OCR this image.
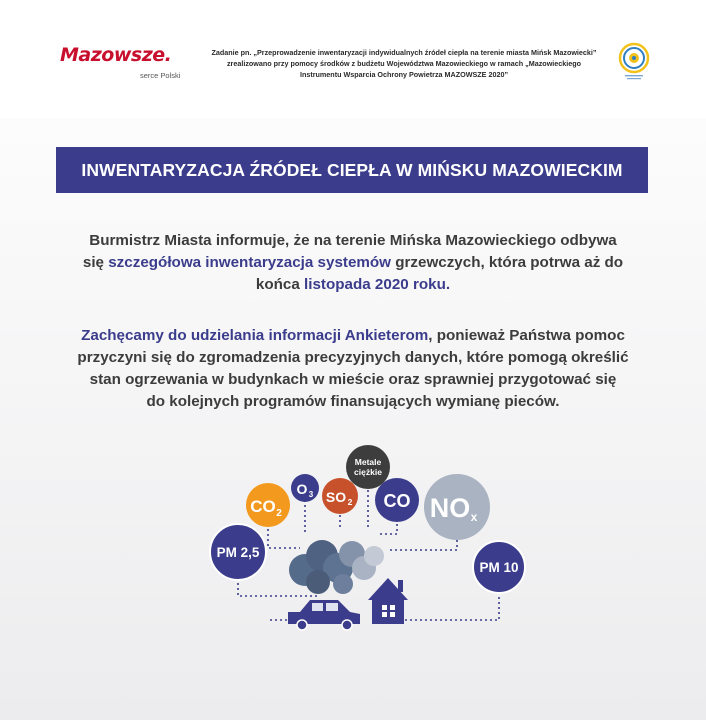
Mazowsze.
serce Polski
Zadanie pn. „Przeprowadzenie inwentaryzacji indywidualnych źródeł ciepła na terenie miasta Mińsk Mazowiecki”
zrealizowano przy pomocy środków z budżetu Województwa Mazowieckiego w ramach „Mazowieckiego
Instrumentu Wsparcia Ochrony Powietrza MAZOWSZE 2020”
INWENTARYZACJA ŹRÓDEŁ CIEPŁA W MIŃSKU MAZOWIECKIM
Burmistrz Miasta informuje, że na terenie Mińska Mazowieckiego odbywa
się szczegółowa inwentaryzacja systemów grzewczych, która potrwa aż do
końca listopada 2020 roku.
Zachęcamy do udzielania informacji Ankieterom, ponieważ Państwa pomoc
przyczyni się do zgromadzenia precyzyjnych danych, które pomogą określić
stan ogrzewania w budynkach w mieście oraz sprawniej przygotować się
do kolejnych programów finansujących wymianę pieców.
PM 2,5
CO 2
O 3 SO 2
Metale
ciężkie
CO NO x
PM 10
